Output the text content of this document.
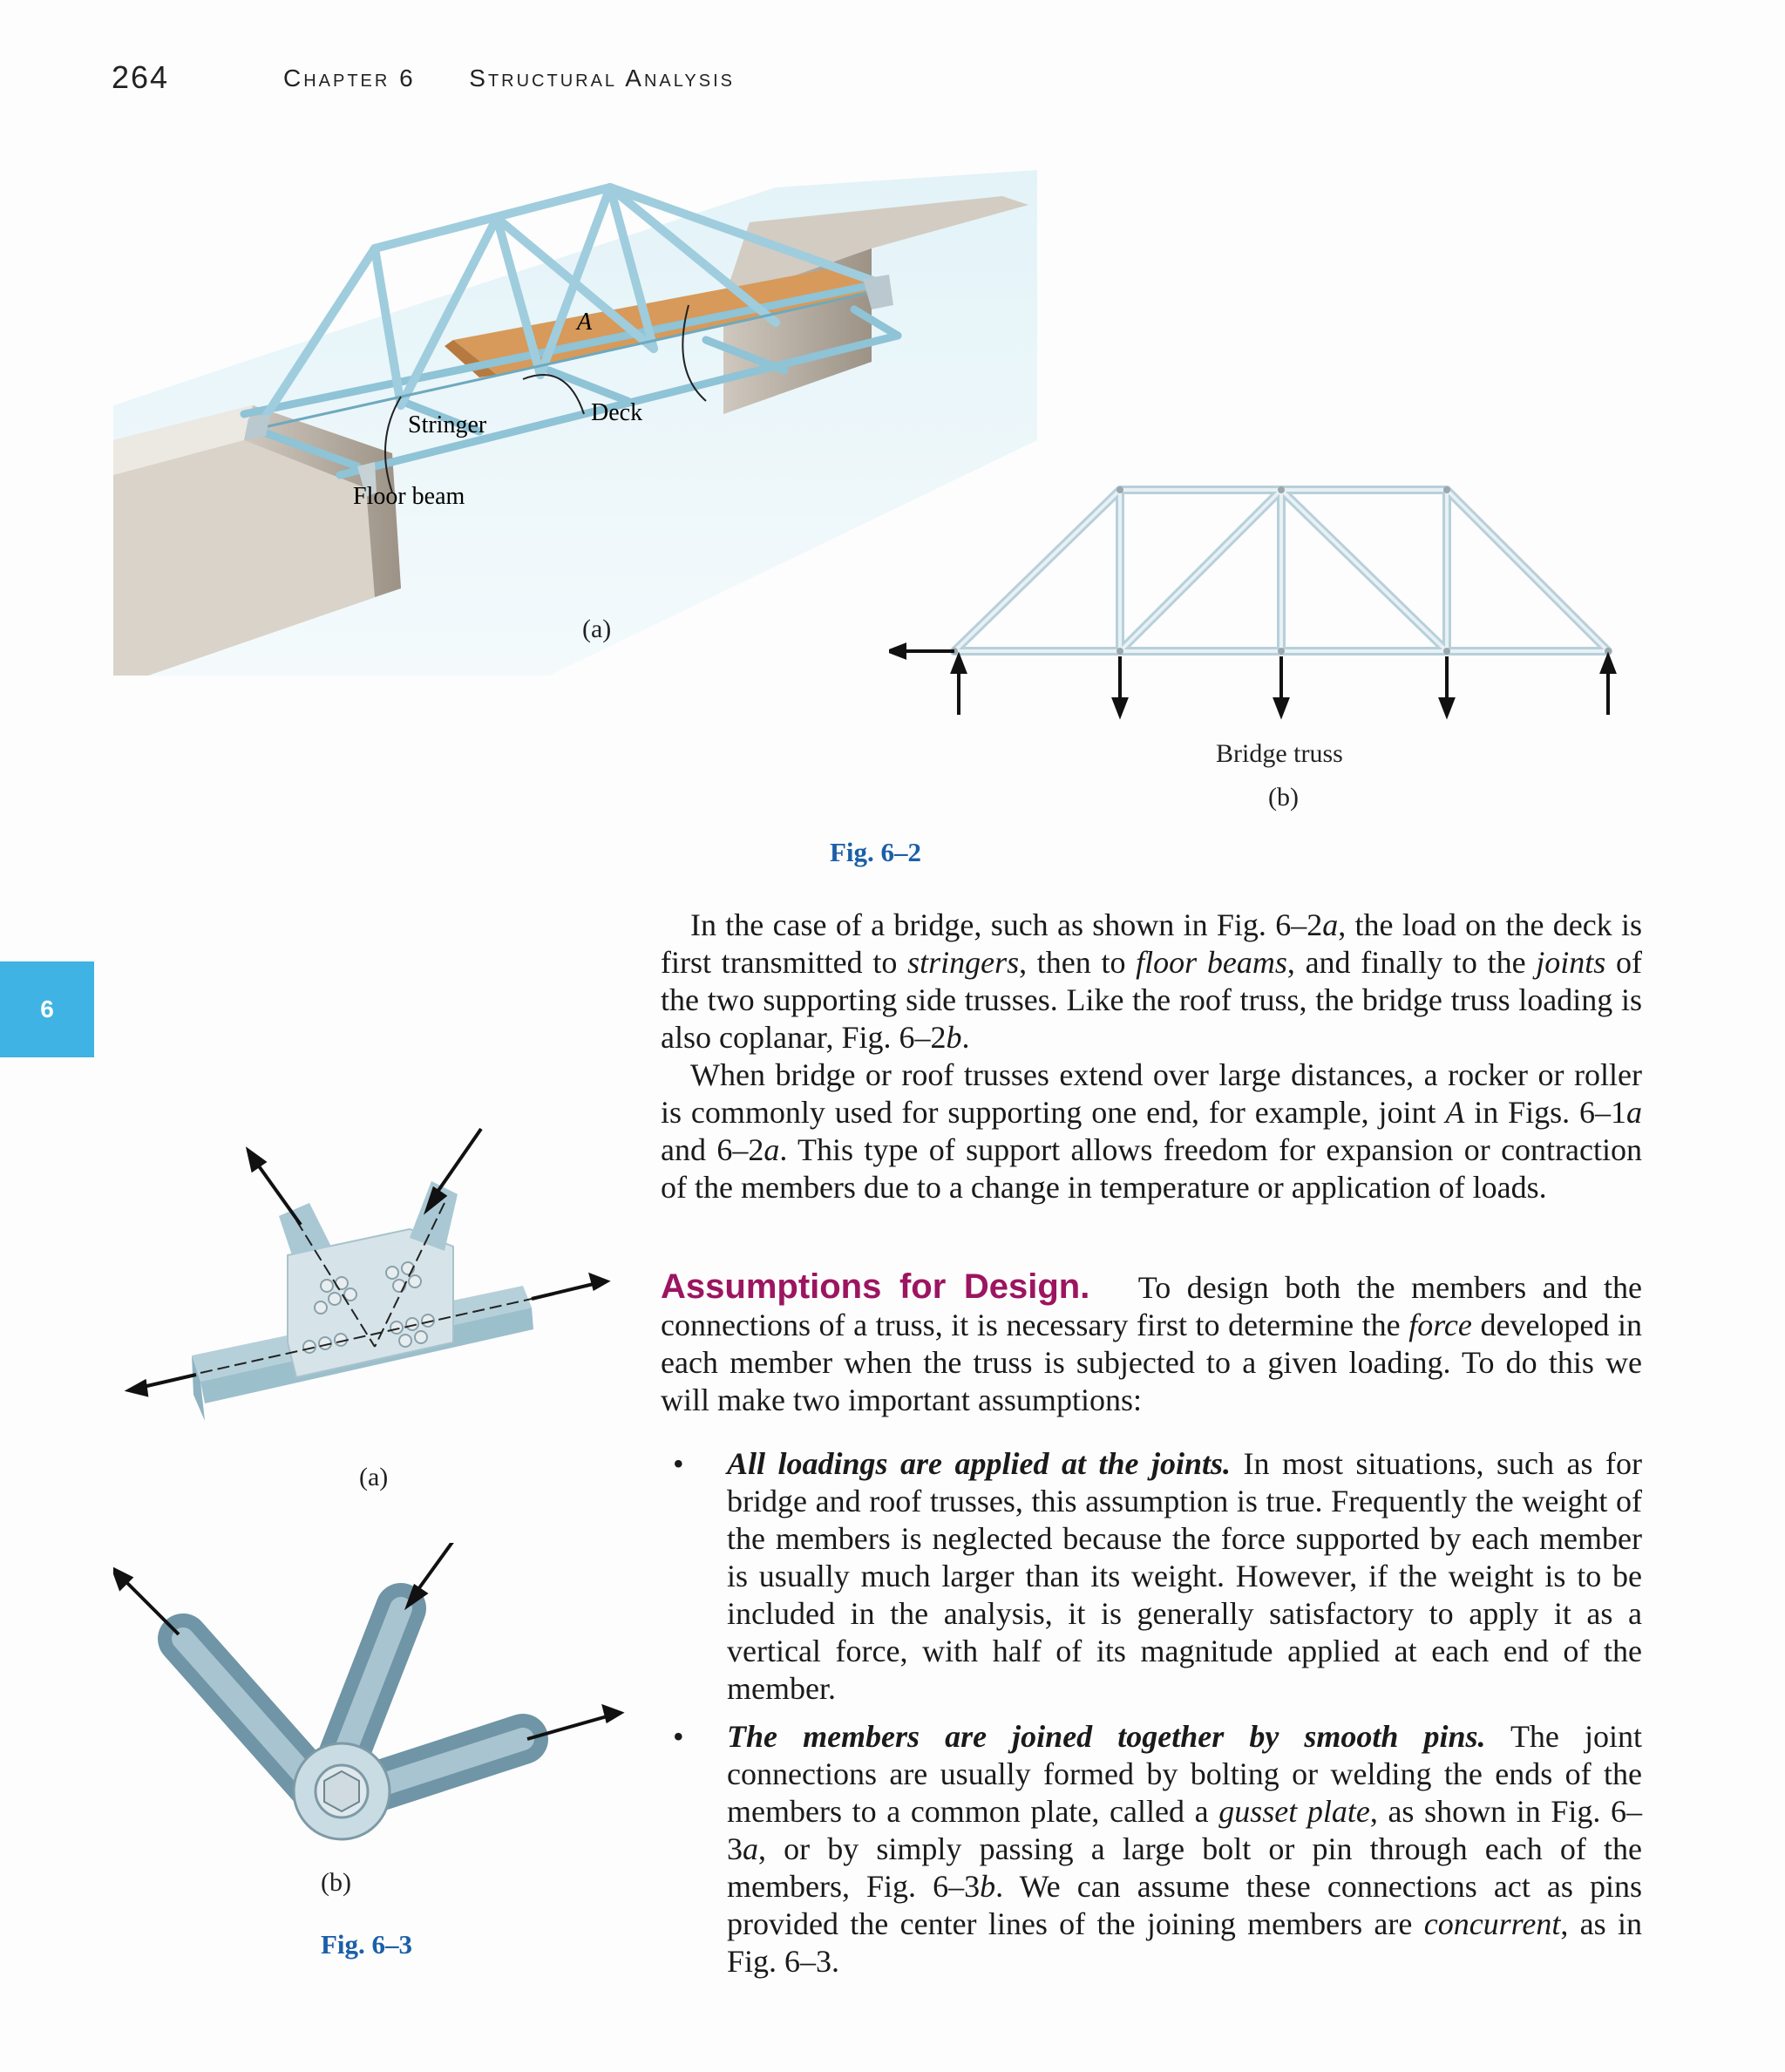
264	Chapter 6 Structural Analysis
6
A
Deck
Stringer
Floor beam
(a)
Bridge truss
(b)
Fig. 6–2
(a)
(b)
Fig. 6–3

In the case of a bridge, such as shown in Fig. 6–2a, the load on the deck is first transmitted to stringers, then to floor beams, and finally to the joints of the two supporting side trusses. Like the roof truss, the bridge truss loading is also coplanar, Fig. 6–2b.

When bridge or roof trusses extend over large distances, a rocker or roller is commonly used for supporting one end, for example, joint A in Figs. 6–1a and 6–2a. This type of support allows freedom for expansion or contraction of the members due to a change in temperature or application of loads.

Assumptions for Design. To design both the members and the connections of a truss, it is necessary first to determine the force developed in each member when the truss is subjected to a given loading. To do this we will make two important assumptions:

• All loadings are applied at the joints. In most situations, such as for bridge and roof trusses, this assumption is true. Frequently the weight of the members is neglected because the force supported by each member is usually much larger than its weight. However, if the weight is to be included in the analysis, it is generally satisfactory to apply it as a vertical force, with half of its magnitude applied at each end of the member.
• The members are joined together by smooth pins. The joint connections are usually formed by bolting or welding the ends of the members to a common plate, called a gusset plate, as shown in Fig. 6–3a, or by simply passing a large bolt or pin through each of the members, Fig. 6–3b. We can assume these connections act as pins provided the center lines of the joining members are concurrent, as in Fig. 6–3.
